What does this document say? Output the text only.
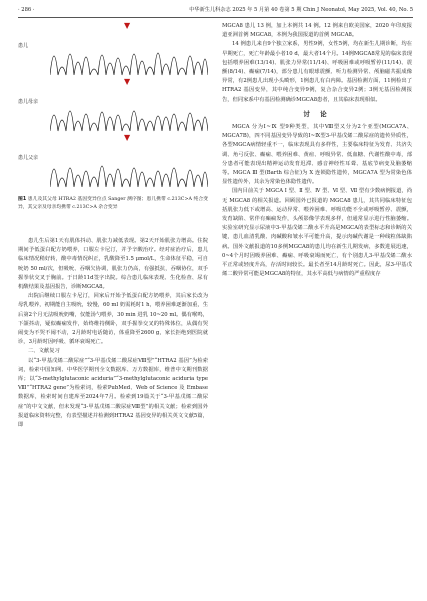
· 286 ·	中华新生儿科杂志 2025 年 5 月第 40 卷第 5 期 Chin J Neonatol, May 2025, Vol. 40, No. 5
患儿
患儿母亲
患儿父亲
▼
▼
▼
图1 患儿及其父母 HTRA2 基因变异位点 Sanger 测序图；患儿携带 c.213C>A 纯合变异，其父亲及母亲均携带 c.213C>A 杂合变异

患儿生后第1天有肌体抖动、肌张力减低表现。第2天开始肌张力增高。住院期间予低蛋白配方奶喂养，口服左卡尼汀，并予辛酸治疗。经对症治疗后，患儿临床情况稍好转，酸中毒情况纠正，乳酸降至1.5 μmol/L，生命体征平稳，可自吮奶 50 ml/次，但吸吮、吞咽欠协调，肌张力仍高，有强抵抗，吞咽协位，双手握拳状交叉于胸前。于日龄11d签字出院。综合患儿临床表现、生化检查、尿有机酸结果及基因报告，诊断MGCA8。

出院后继续口服左卡尼汀，回家后开始予低蛋白配方奶喂养，其后家长改为母乳喂养，初期能自主吸吮，较慢，60 ml 奶需耗时1 h，喂养困难逐渐加重，生后第2个月无法吸吮奶嘴，仅能汤勺喂养，30 min 进乳 10~20 ml。偶有喉鸣，下颌抖动，疑似癫痫发作，始终维持侧卧，双手握拳交叉的特殊体位，从偶有哭闹变为不哭不闹不动，2月龄时电话随访，体重降至2600 g，家长拒绝到医院就诊，3月龄时因呼吸、循环衰竭死亡。

二、文献复习

以“3-甲基戊烯二酸尿症”“3-甲基戊烯二酸尿症Ⅷ型”“HTRA2 基因”为检索词，检索中国知网、中华医学期刊全文数据库、万方数据库，维普中文期刊数据库；以“3-methylglutaconic aciduria”“3-methylglutaconic aciduria type Ⅷ”“HTRA2 gene”为检索词，检索PubMed、Web of Science 及 Embase 数据库，检索时间自建库至2024年7月。检索到19篇关于“3-甲基戊烯二酸尿症”的中文文献，但未发现“3-甲基戊烯二酸尿症Ⅷ型”的相关文献；检索到国外报道临床资料完整，有表型描述并检测到HTRA2 基因变异的相关英文文献5篇，即

MGCA8 患儿 13 例，加上本例共 14 例。12 例来自欧美国家，2020 年印度报道亚洲首例 MGCA8，本例为我国报道的首例 MGCA8。

14 例患儿来自9个独立家系，男性9例，女性5例，均在新生儿期诊断，均在早期死亡，死亡年龄最小者10 d，最大者14个月。14例MGCA8常见的临床表现包括喂养困难(13/14)、肌张力异常(11/14)、呼吸困难或呼吸暂停(11/14)、震颤(8/14)、癫痫(7/14)，部分患儿有眼球震颤、听力检测异常、颅脑磁共振成像异常，有2例患儿出现小头畸形，1例患儿有白内障。基因检测方面，11例检出了HTRA2 基因变异，其中纯合变异9例，复合杂合变异2例；3例无基因检测报告，但同家系中有基因检测确诊MGCA8患者，且其临床表现相似。

讨 论

MGCA 分为Ⅰ~Ⅸ 型9种类型，其中Ⅷ型又分为2个亚型(MGCA7A、MGCA7B)，四不同基因变异导致的Ⅰ~Ⅸ型3-甲基戊烯二酸尿症的遗传异质性，各型MGCA病情轻重不一，临床表现具有多样性，主要临床特征为发育、共济失调、角弓反张、癫痫、喂养困难、黄疸、呼吸异常、低血糖、代谢性酸中毒，部分患者可能表现出精神运动发育迟滞、感音神经性耳聋、基底节病变及脑萎缩等。MGCA Ⅲ 型(Barth 综合征)为 X 连锁隐性遗传，MGCA7A 型为常染色体显性遗传外，其余为常染色体隐性遗传。

国内目前关于 MGCA Ⅰ 型、Ⅱ 型、Ⅳ 型、Ⅵ 型、Ⅶ 型有少数病例报道，尚无 MGCA8 的相关报道。回顾国外已报道的 MGCA8 患儿，其共同临床特征包括肌张力低下或增高、运动异常、喂养困难、呼吸功能不全或呼吸暂停、震颤，发育缺陷、常伴有癫痫发作，头颅影像学表现多样，但通常显示进行性脑萎缩。实验室研究显示尿液中3-甲基戊烯二酸水平升高是MGCA的表型标志和诊断的关键，患儿血清乳酸、肉碱酸和皱水平可能升高，提示肉碱代谢是一种线粒体缺陷病。国外文献报道的10多例MGCA8的患儿均在新生儿期发病，多数进展迅速，0~4个月时因吸养困难、癫痫、呼吸衰竭而死亡，有个别患儿3-甲基戊烯二酸水平正常或轻度升高，存活时间较长。最长者至14月龄时死亡。因此，尿3-甲基戊烯二酸异常可能是MGCA8的特征，其水平高低与病情的严重程度存
